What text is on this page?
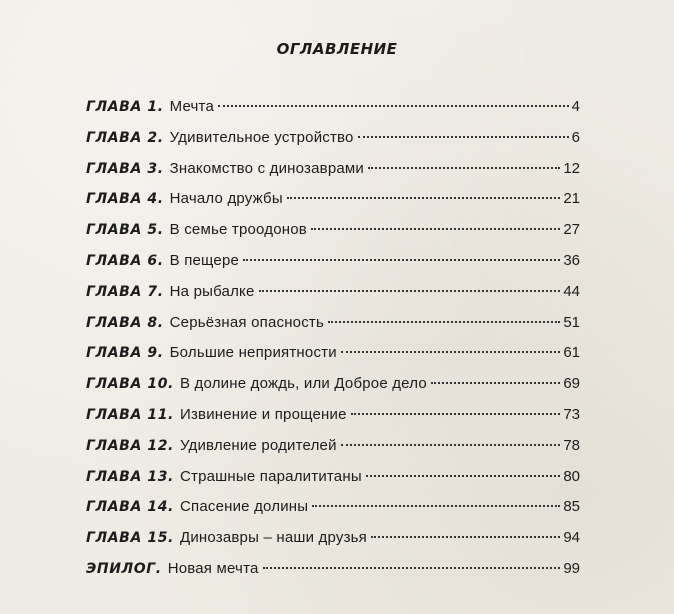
ОГЛАВЛЕНИЕ
ГЛАВА 1. Мечта	4
ГЛАВА 2. Удивительное устройство	6
ГЛАВА 3. Знакомство с динозаврами	12
ГЛАВА 4. Начало дружбы	21
ГЛАВА 5. В семье троодонов	27
ГЛАВА 6. В пещере	36
ГЛАВА 7. На рыбалке	44
ГЛАВА 8. Серьёзная опасность	51
ГЛАВА 9. Большие неприятности	61
ГЛАВА 10. В долине дождь, или Доброе дело	69
ГЛАВА 11. Извинение и прощение	73
ГЛАВА 12. Удивление родителей	78
ГЛАВА 13. Страшные паралититаны	80
ГЛАВА 14. Спасение долины	85
ГЛАВА 15. Динозавры – наши друзья	94
ЭПИЛОГ. Новая мечта	99
